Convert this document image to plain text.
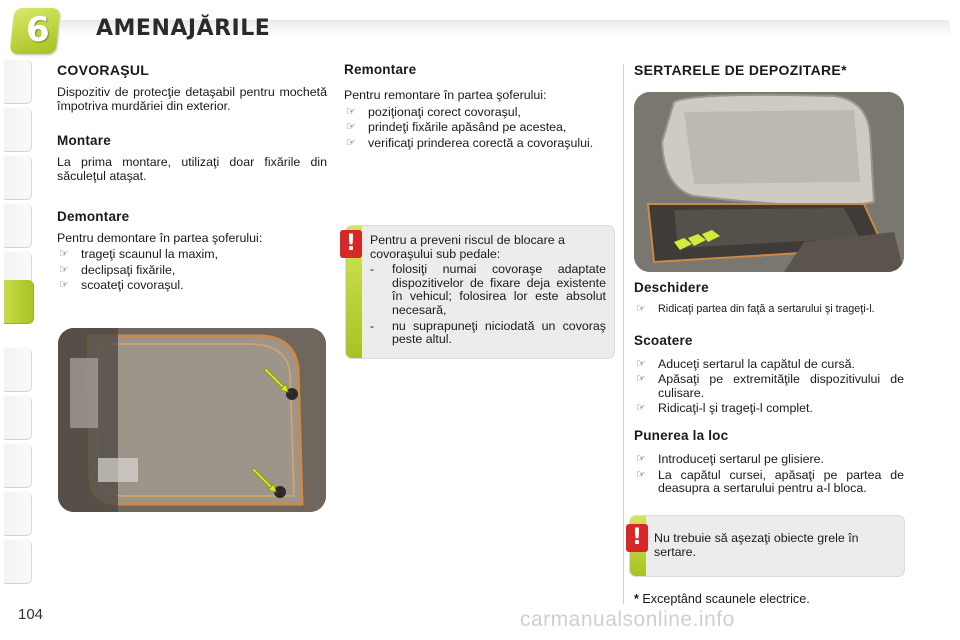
6 AMENAJĂRILE
COVORAŞUL
Dispozitiv de protecţie detaşabil pentru mochetă împotriva murdăriei din exterior.
Montare
La prima montare, utilizaţi doar fixările din săculeţul ataşat.
Demontare
Pentru demontare în partea şoferului:
☞ trageţi scaunul la maxim,
☞ declipsaţi fixările,
☞ scoateţi covoraşul.
Remontare
Pentru remontare în partea şoferului:
☞ poziţionaţi corect covoraşul,
☞ prindeţi fixările apăsând pe acestea,
☞ verificaţi prinderea corectă a covoraşului.
Pentru a preveni riscul de blocare a covoraşului sub pedale:
- folosiţi numai covoraşe adaptate dispozitivelor de fixare deja existente în vehicul; folosirea lor este absolut necesară,
- nu suprapuneţi niciodată un covoraş peste altul.
!
SERTARELE DE DEPOZITARE*
Deschidere
☞ Ridicaţi partea din faţă a sertarului şi trageţi-l.
Scoatere
☞ Aduceţi sertarul la capătul de cursă.
☞ Apăsaţi pe extremităţile dispozitivului de culisare.
☞ Ridicaţi-l şi trageţi-l complet.
Punerea la loc
☞ Introduceţi sertarul pe glisiere.
☞ La capătul cursei, apăsaţi pe partea de deasupra a sertarului pentru a-l bloca.
Nu trebuie să aşezaţi obiecte grele în sertare.
!
* Exceptând scaunele electrice.
104	carmanualsonline.info
